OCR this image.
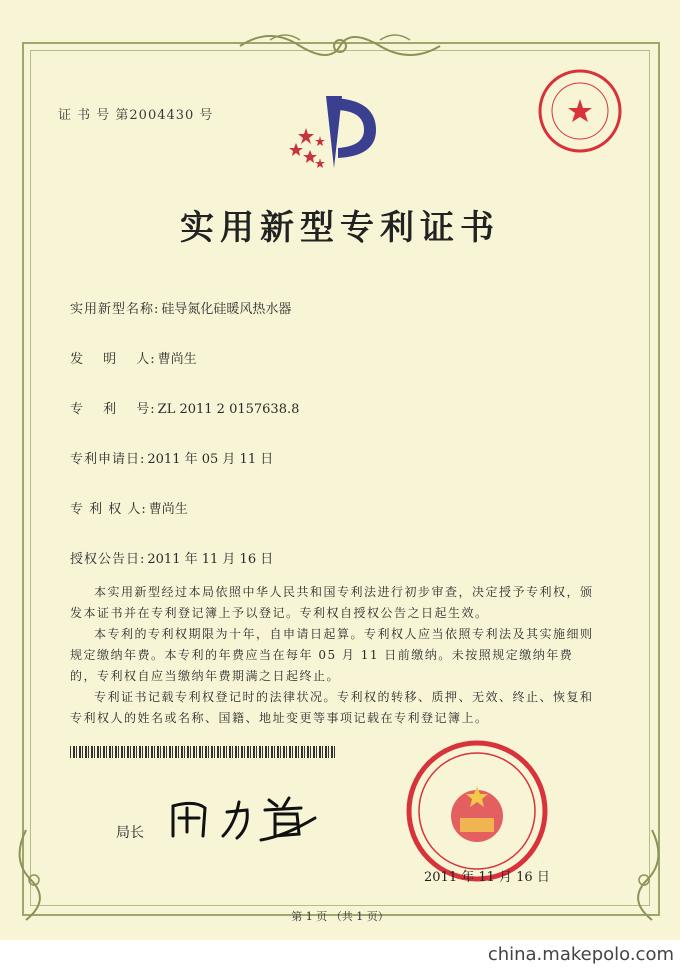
证 书 号 第2004430 号
实用新型专利证书
实用新型名称: 硅导氮化硅暖风热水器
发　 明　 人: 曹尚生
专　 利　 号: ZL 2011 2 0157638.8
专利申请日: 2011 年 05 月 11 日
专 利 权 人: 曹尚生
授权公告日: 2011 年 11 月 16 日

本实用新型经过本局依照中华人民共和国专利法进行初步审查，决定授予专利权，颁发本证书并在专利登记簿上予以登记。专利权自授权公告之日起生效。

本专利的专利权期限为十年，自申请日起算。专利权人应当依照专利法及其实施细则规定缴纳年费。本专利的年费应当在每年 05 月 11 日前缴纳。未按照规定缴纳年费的，专利权自应当缴纳年费期满之日起终止。

专利证书记载专利权登记时的法律状况。专利权的转移、质押、无效、终止、恢复和专利权人的姓名或名称、国籍、地址变更等事项记载在专利登记簿上。

局长
2011 年 11 月 16 日
第 1 页 （共 1 页）
china.makepolo.com
